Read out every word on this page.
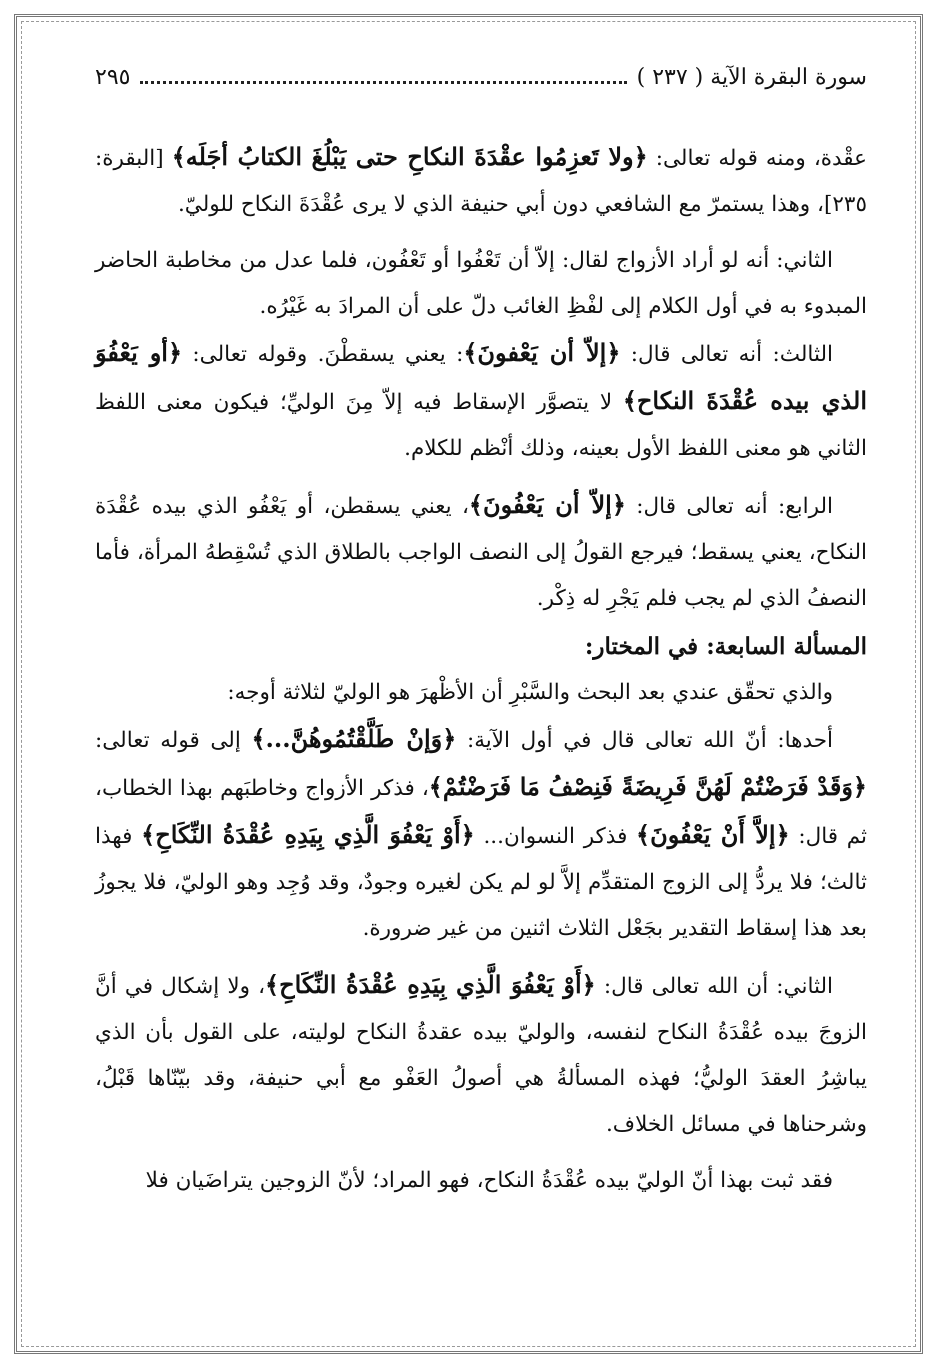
سورة البقرة الآية ( ٢٣٧ )
٢٩٥

عقْدة، ومنه قوله تعالى: ﴿ولا تَعزِمُوا عقْدَةَ النكاحِ حتى يَبْلُغَ الكتابُ أجَلَه﴾ [البقرة: ٢٣٥]، وهذا يستمرّ مع الشافعي دون أبي حنيفة الذي لا يرى عُقْدَةَ النكاح للوليّ.

الثاني: أنه لو أراد الأزواج لقال: إلاّ أن تَعْفُوا أو تَعْفُون، فلما عدل من مخاطبة الحاضر المبدوء به في أول الكلام إلى لفْظِ الغائب دلّ على أن المرادَ به غَيْرُه.

الثالث: أنه تعالى قال: ﴿إلاّ أن يَعْفونَ﴾: يعني يسقطْنَ. وقوله تعالى: ﴿أو يَعْفُوَ الذي بيده عُقْدَةَ النكاح﴾ لا يتصوَّر الإسقاط فيه إلاّ مِنَ الوليِّ؛ فيكون معنى اللفظ الثاني هو معنى اللفظ الأول بعينه، وذلك أنْظم للكلام.

الرابع: أنه تعالى قال: ﴿إلاّ أن يَعْفُونَ﴾، يعني يسقطن، أو يَعْفُو الذي بيده عُقْدَة النكاح، يعني يسقط؛ فيرجع القولُ إلى النصف الواجب بالطلاق الذي تُسْقِطهُ المرأة، فأما النصفُ الذي لم يجب فلم يَجْرِ له ذِكْر.

المسألة السابعة: في المختار:

والذي تحقّق عندي بعد البحث والسَّبْرِ أن الأظْهرَ هو الوليّ لثلاثة أوجه:

أحدها: أنّ الله تعالى قال في أول الآية: ﴿وَإنْ طَلَّقْتُمُوهُنَّ...﴾ إلى قوله تعالى: ﴿وَقَدْ فَرَضْتُمْ لَهُنَّ فَرِيضَةً فَنِصْفُ مَا فَرَضْتُمْ﴾، فذكر الأزواج وخاطبَهم بهذا الخطاب، ثم قال: ﴿إلاَّ أَنْ يَعْفُونَ﴾ فذكر النسوان... ﴿أَوْ يَعْفُوَ الَّذِي بِيَدِهِ عُقْدَةُ النِّكَاحِ﴾ فهذا ثالث؛ فلا يردُّ إلى الزوج المتقدِّم إلاَّ لو لم يكن لغيره وجودٌ، وقد وُجِد وهو الوليّ، فلا يجوزُ بعد هذا إسقاط التقدير بجَعْل الثلاث اثنين من غير ضرورة.

الثاني: أن الله تعالى قال: ﴿أَوْ يَعْفُوَ الَّذِي بِيَدِهِ عُقْدَةُ النِّكَاحِ﴾، ولا إشكال في أنَّ الزوجَ بيده عُقْدَةُ النكاح لنفسه، والوليّ بيده عقدةُ النكاح لوليته، على القول بأن الذي يباشِرُ العقدَ الوليُّ؛ فهذه المسألةُ هي أصولُ العَفْو مع أبي حنيفة، وقد بيّنّاها قَبْلُ، وشرحناها في مسائل الخلاف.

فقد ثبت بهذا أنّ الوليّ بيده عُقْدَةُ النكاح، فهو المراد؛ لأنّ الزوجين يتراضَيان فلا
